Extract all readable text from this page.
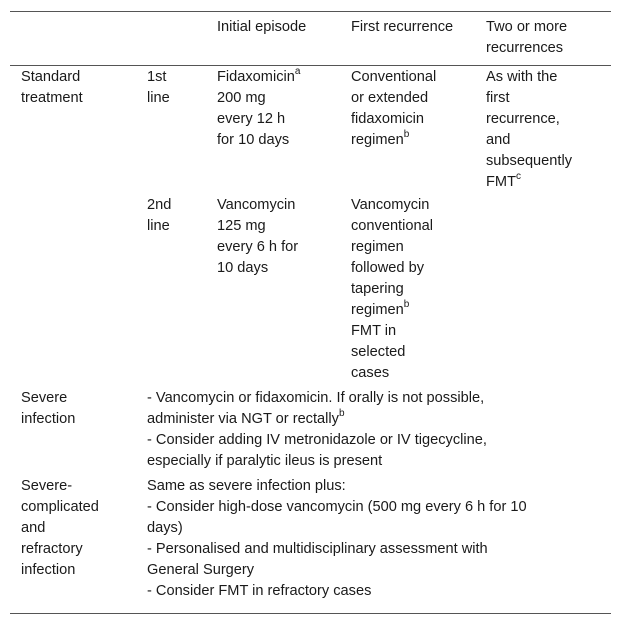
Initial episode	First recurrence Two or more
recurrences
Standard
treatment
1st
line
Fidaxomicin$^a$
200 mg
every 12 h
for 10 days
Conventional
or extended
fidaxomicin
regimen$^b$
As with the
first
recurrence,
and
subsequently
FMT$^c$
2nd
line
Vancomycin
125 mg
every 6 h for
10 days
Vancomycin
conventional
regimen
followed by
tapering
regimen$^b$
FMT in
selected
cases
Severe
infection
- Vancomycin or fidaxomicin. If orally is not possible,
administer via NGT or rectally$^b$
- Consider adding IV metronidazole or IV tigecycline,
especially if paralytic ileus is present
Severe-
complicated
and
refractory
infection
Same as severe infection plus:
- Consider high-dose vancomycin (500 mg every 6 h for 10
days)
- Personalised and multidisciplinary assessment with
General Surgery
- Consider FMT in refractory cases
